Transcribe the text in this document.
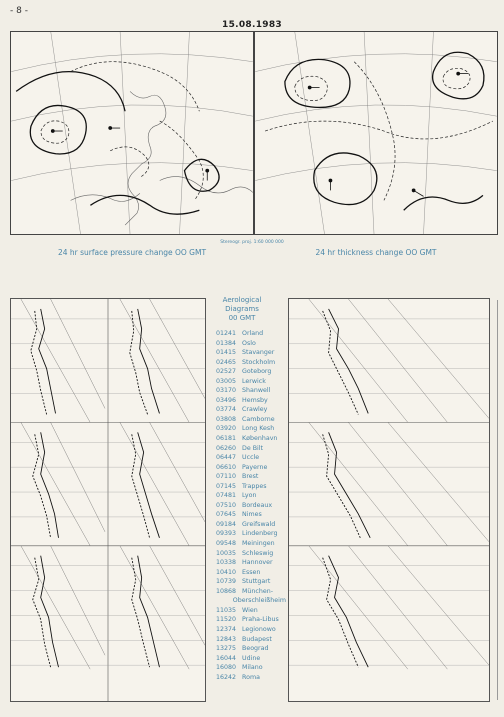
- 8 -
15.08.1983
Stereogr. proj. 1:60 000 000
24 hr surface pressure change OO GMT	24 hr thickness change OO GMT
Aerological
Diagrams
00 GMT
01241 Orland
01384 Oslo
01415 Stavanger
02465 Stockholm
02527 Goteborg
03005 Lerwick
03170 Shanwell
03496 Hemsby
03774 Crawley
03808 Camborne
03920 Long Kesh
06181 København
06260 De Bilt
06447 Uccle
06610 Payerne
07110 Brest
07145 Trappes
07481 Lyon
07510 Bordeaux
07645 Nimes
09184 Greifswald
09393 Lindenberg
09548 Meiningen
10035 Schleswig
10338 Hannover
10410 Essen
10739 Stuttgart
10868 München-
Oberschleißheim
11035 Wien
11520 Praha-Libus
12374 Legionowo
12843 Budapest
13275 Beograd
16044 Udine
16080 Milano
16242 Roma
